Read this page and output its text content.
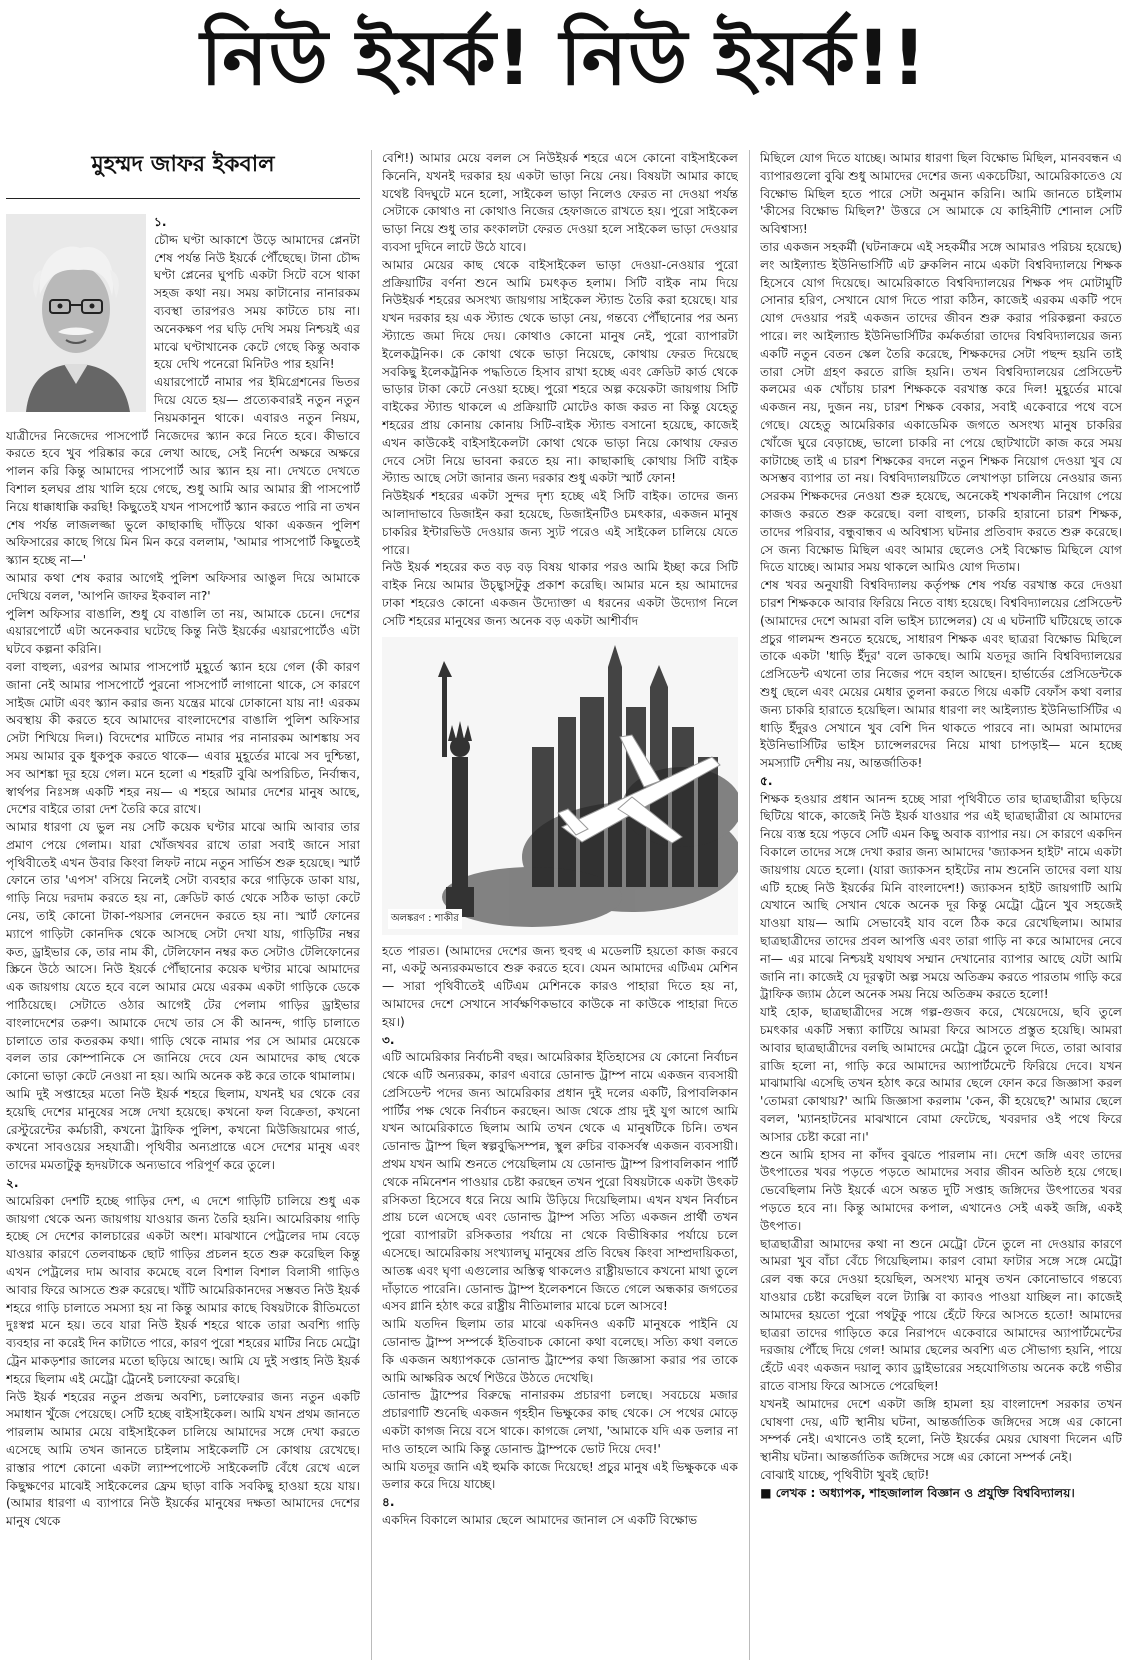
নিউ ইয়র্ক! নিউ ইয়র্ক!!
মুহম্মদ জাফর ইকবাল

১.

চৌদ্দ ঘণ্টা আকাশে উড়ে আমাদের প্লেনটা শেষ পর্যন্ত নিউ ইয়র্কে পৌঁছেছে। টানা চৌদ্দ ঘণ্টা প্লেনের ঘুপচি একটা সিটে বসে থাকা সহজ কথা নয়। সময় কাটানোর নানারকম ব্যবস্থা তারপরও সময় কাটতে চায় না। অনেকক্ষণ পর ঘড়ি দেখি সময় নিশ্চয়ই এর মাঝে ঘণ্টাখানেক কেটে গেছে কিন্তু অবাক হয়ে দেখি পনেরো মিনিটও পার হয়নি!

এয়ারপোর্টে নামার পর ইমিগ্রেশনের ভিতর দিয়ে যেতে হয়— প্রত্যেকবারই নতুন নতুন নিয়মকানুন থাকে। এবারও নতুন নিয়ম, যাত্রীদের নিজেদের পাসপোর্ট নিজেদের স্ক্যান করে নিতে হবে। কীভাবে করতে হবে খুব পরিষ্কার করে লেখা আছে, সেই নির্দেশ অক্ষরে অক্ষরে পালন করি কিন্তু আমাদের পাসপোর্ট আর স্ক্যান হয় না। দেখতে দেখতে বিশাল হলঘর প্রায় খালি হয়ে গেছে, শুধু আমি আর আমার স্ত্রী পাসপোর্ট নিয়ে ধাক্কাধাক্কি করছি! কিছুতেই যখন পাসপোর্ট স্ক্যান করতে পারি না তখন শেষ পর্যন্ত লাজলজ্জা ভুলে কাছাকাছি দাঁড়িয়ে থাকা একজন পুলিশ অফিসারের কাছে গিয়ে মিন মিন করে বললাম, 'আমার পাসপোর্ট কিছুতেই স্ক্যান হচ্ছে না—'

আমার কথা শেষ করার আগেই পুলিশ অফিসার আঙুল দিয়ে আমাকে দেখিয়ে বলল, 'আপনি জাফর ইকবাল না?'

পুলিশ অফিসার বাঙালি, শুধু যে বাঙালি তা নয়, আমাকে চেনে। দেশের এয়ারপোর্টে এটা অনেকবার ঘটেছে কিন্তু নিউ ইয়র্কের এয়ারপোর্টেও এটা ঘটবে কল্পনা করিনি।

বলা বাহুল্য, এরপর আমার পাসপোর্ট মুহূর্তে স্ক্যান হয়ে গেল (কী কারণ জানা নেই আমার পাসপোর্টে পুরনো পাসপোর্ট লাগানো থাকে, সে কারণে সাইজ মোটা এবং স্ক্যান করার জন্য যন্ত্রের মাঝে ঢোকানো যায় না! এরকম অবস্থায় কী করতে হবে আমাদের বাংলাদেশের বাঙালি পুলিশ অফিসার সেটা শিখিয়ে দিল।) বিদেশের মাটিতে নামার পর নানারকম আশঙ্কায় সব সময় আমার বুক ধুকপুক করতে থাকে— এবার মুহূর্তের মাঝে সব দুশ্চিন্তা, সব আশঙ্কা দূর হয়ে গেল। মনে হলো এ শহরটি বুঝি অপরিচিত, নির্বান্ধব, স্বার্থপর নিঃসঙ্গ একটি শহর নয়— এ শহরে আমার দেশের মানুষ আছে, দেশের বাইরে তারা দেশ তৈরি করে রাখে।

আমার ধারণা যে ভুল নয় সেটি কয়েক ঘণ্টার মাঝে আমি আবার তার প্রমাণ পেয়ে গেলাম। যারা খোঁজখবর রাখে তারা সবাই জানে সারা পৃথিবীতেই এখন উবার কিংবা লিফট নামে নতুন সার্ভিস শুরু হয়েছে। স্মার্ট ফোনে তার 'এপস' বসিয়ে নিলেই সেটা ব্যবহার করে গাড়িকে ডাকা যায়, গাড়ি নিয়ে দরদাম করতে হয় না, ক্রেডিট কার্ড থেকে সঠিক ভাড়া কেটে নেয়, তাই কোনো টাকা-পয়সার লেনদেন করতে হয় না। স্মার্ট ফোনের ম্যাপে গাড়িটা কোনদিক থেকে আসছে সেটা দেখা যায়, গাড়িটির নম্বর কত, ড্রাইভার কে, তার নাম কী, টেলিফোন নম্বর কত সেটাও টেলিফোনের স্ক্রিনে উঠে আসে। নিউ ইয়র্কে পৌঁছানোর কয়েক ঘণ্টার মাঝে আমাদের এক জায়গায় যেতে হবে বলে আমার মেয়ে এরকম একটা গাড়িকে ডেকে পাঠিয়েছে। সেটাতে ওঠার আগেই টের পেলাম গাড়ির ড্রাইভার বাংলাদেশের তরুণ। আমাকে দেখে তার সে কী আনন্দ, গাড়ি চালাতে চালাতে তার কতরকম কথা। গাড়ি থেকে নামার পর সে আমার মেয়েকে বলল তার কোম্পানিকে সে জানিয়ে দেবে যেন আমাদের কাছ থেকে কোনো ভাড়া কেটে নেওয়া না হয়। আমি অনেক কষ্ট করে তাকে থামালাম।

আমি দুই সপ্তাহের মতো নিউ ইয়র্ক শহরে ছিলাম, যখনই ঘর থেকে বের হয়েছি দেশের মানুষের সঙ্গে দেখা হয়েছে। কখনো ফল বিক্রেতা, কখনো রেস্টুরেন্টের কর্মচারী, কখনো ট্রাফিক পুলিশ, কখনো মিউজিয়ামের গার্ড, কখনো সাবওয়ের সহযাত্রী। পৃথিবীর অন্যপ্রান্তে এসে দেশের মানুষ এবং তাদের মমতাটুকু হৃদয়টাকে অন্যভাবে পরিপূর্ণ করে তুলে।

২.

আমেরিকা দেশটি হচ্ছে গাড়ির দেশ, এ দেশে গাড়িটি চালিয়ে শুধু এক জায়গা থেকে অন্য জায়গায় যাওয়ার জন্য তৈরি হয়নি। আমেরিকায় গাড়ি হচ্ছে সে দেশের কালচারের একটা অংশ। মাঝখানে পেট্রলের দাম বেড়ে যাওয়ার কারণে তেলবাচ্চক ছোট গাড়ির প্রচলন হতে শুরু করেছিল কিন্তু এখন পেট্রলের দাম আবার কমেছে বলে বিশাল বিশাল বিলাসী গাড়িও আবার ফিরে আসতে শুরু করেছে। খাঁটি আমেরিকানদের সম্ভবত নিউ ইয়র্ক শহরে গাড়ি চালাতে সমস্যা হয় না কিন্তু আমার কাছে বিষয়টাকে রীতিমতো দুঃস্বপ্ন মনে হয়। তবে যারা নিউ ইয়র্ক শহরে থাকে তারা অবশ্যি গাড়ি ব্যবহার না করেই দিন কাটাতে পারে, কারণ পুরো শহরের মাটির নিচে মেট্রো ট্রেন মাকড়শার জালের মতো ছড়িয়ে আছে। আমি যে দুই সপ্তাহ নিউ ইয়র্ক শহরে ছিলাম এই মেট্রো ট্রেনেই চলাফেরা করেছি।

নিউ ইয়র্ক শহরের নতুন প্রজন্ম অবশ্যি, চলাফেরার জন্য নতুন একটি সমাধান খুঁজে পেয়েছে। সেটি হচ্ছে বাইসাইকেল। আমি যখন প্রথম জানতে পারলাম আমার মেয়ে বাইসাইকেল চালিয়ে আমাদের সঙ্গে দেখা করতে এসেছে আমি তখন জানতে চাইলাম সাইকেলটি সে কোথায় রেখেছে। রাস্তার পাশে কোনো একটা ল্যাম্পপোস্টে সাইকেলটি বেঁধে রেখে এলে কিছুক্ষণের মাঝেই সাইকেলের ফ্রেম ছাড়া বাকি সবকিছু হাওয়া হয়ে যায়। (আমার ধারণা এ ব্যাপারে নিউ ইয়র্কের মানুষের দক্ষতা আমাদের দেশের মানুষ থেকে

বেশি!) আমার মেয়ে বলল সে নিউইয়র্ক শহরে এসে কোনো বাইসাইকেল কিনেনি, যখনই দরকার হয় একটা ভাড়া নিয়ে নেয়। বিষয়টা আমার কাছে যথেষ্ট বিদঘুটে মনে হলো, সাইকেল ভাড়া নিলেও ফেরত না দেওয়া পর্যন্ত সেটাকে কোথাও না কোথাও নিজের হেফাজতে রাখতে হয়। পুরো সাইকেল ভাড়া নিয়ে শুধু তার কংকালটা ফেরত দেওয়া হলে সাইকেল ভাড়া দেওয়ার ব্যবসা দুদিনে লাটে উঠে যাবে।

আমার মেয়ের কাছ থেকে বাইসাইকেল ভাড়া দেওয়া-নেওয়ার পুরো প্রক্রিয়াটির বর্ণনা শুনে আমি চমৎকৃত হলাম। সিটি বাইক নাম দিয়ে নিউইয়র্ক শহরের অসংখ্য জায়গায় সাইকেল স্ট্যান্ড তৈরি করা হয়েছে। যার যখন দরকার হয় এক স্ট্যান্ড থেকে ভাড়া নেয়, গন্তব্যে পৌঁছানোর পর অন্য স্ট্যান্ডে জমা দিয়ে দেয়। কোথাও কোনো মানুষ নেই, পুরো ব্যাপারটা ইলেকট্রনিক। কে কোথা থেকে ভাড়া নিয়েছে, কোথায় ফেরত দিয়েছে সবকিছু ইলেকট্রনিক পদ্ধতিতে হিসাব রাখা হচ্ছে এবং ক্রেডিট কার্ড থেকে ভাড়ার টাকা কেটে নেওয়া হচ্ছে। পুরো শহরে অল্প কয়েকটা জায়গায় সিটি বাইকের স্ট্যান্ড থাকলে এ প্রক্রিয়াটি মোটেও কাজ করত না কিন্তু যেহেতু শহরের প্রায় কোনায় কোনায় সিটি-বাইক স্ট্যান্ড বসানো হয়েছে, কাজেই এখন কাউকেই বাইসাইকেলটা কোথা থেকে ভাড়া নিয়ে কোথায় ফেরত দেবে সেটা নিয়ে ভাবনা করতে হয় না। কাছাকাছি কোথায় সিটি বাইক স্ট্যান্ড আছে সেটা জানার জন্য দরকার শুধু একটা স্মার্ট ফোন!

নিউইয়র্ক শহরের একটা সুন্দর দৃশ্য হচ্ছে এই সিটি বাইক। তাদের জন্য আলাদাভাবে ডিজাইন করা হয়েছে, ডিজাইনটিও চমৎকার, একজন মানুষ চাকরির ইন্টারভিউ দেওয়ার জন্য স্যুট পরেও এই সাইকেল চালিয়ে যেতে পারে।

নিউ ইয়র্ক শহরের কত বড় বড় বিষয় থাকার পরও আমি ইচ্ছা করে সিটি বাইক নিয়ে আমার উচ্ছ্বাসটুকু প্রকাশ করেছি। আমার মনে হয় আমাদের ঢাকা শহরেও কোনো একজন উদ্যোক্তা এ ধরনের একটা উদ্যোগ নিলে সেটি শহরের মানুষের জন্য অনেক বড় একটা আশীর্বাদ

অলঙ্করণ : শাকীর

হতে পারত। (আমাদের দেশের জন্য হুবহু এ মডেলটি হয়তো কাজ করবে না, একটু অন্যরকমভাবে শুরু করতে হবে। যেমন আমাদের এটিএম মেশিন— সারা পৃথিবীতেই এটিএম মেশিনকে কারও পাহারা দিতে হয় না, আমাদের দেশে সেখানে সার্বক্ষণিকভাবে কাউকে না কাউকে পাহারা দিতে হয়।)

৩.

এটি আমেরিকার নির্বাচনী বছর। আমেরিকার ইতিহাসের যে কোনো নির্বাচন থেকে এটি অন্যরকম, কারণ এবারে ডোনাল্ড ট্রাম্প নামে একজন ব্যবসায়ী প্রেসিডেন্ট পদের জন্য আমেরিকার প্রধান দুই দলের একটি, রিপাবলিকান পার্টির পক্ষ থেকে নির্বাচন করছেন। আজ থেকে প্রায় দুই যুগ আগে আমি যখন আমেরিকাতে ছিলাম আমি তখন থেকে এ মানুষটিকে চিনি। তখন ডোনাল্ড ট্রাম্প ছিল স্বল্পবুদ্ধিসম্পন্ন, স্থুল রুচির বাকসর্বস্ব একজন ব্যবসায়ী। প্রথম যখন আমি শুনতে পেয়েছিলাম যে ডোনাল্ড ট্রাম্প রিপাবলিকান পার্টি থেকে নমিনেশন পাওয়ার চেষ্টা করছেন তখন পুরো বিষয়টাকে একটা উৎকট রসিকতা হিসেবে ধরে নিয়ে আমি উড়িয়ে দিয়েছিলাম। এখন যখন নির্বাচন প্রায় চলে এসেছে এবং ডোনাল্ড ট্রাম্প সত্যি সত্যি একজন প্রার্থী তখন পুরো ব্যাপারটা রসিকতার পর্যায়ে না থেকে বিভীষিকার পর্যায়ে চলে এসেছে। আমেরিকায় সংখ্যালঘু মানুষের প্রতি বিদ্বেষ কিংবা সাম্প্রদায়িকতা, আতঙ্ক এবং ঘৃণা এগুলোর অস্তিত্ব থাকলেও রাষ্ট্রীয়ভাবে কখনো মাথা তুলে দাঁড়াতে পারেনি। ডোনাল্ড ট্রাম্প ইলেকশনে জিতে গেলে অন্ধকার জগতের এসব গ্লানি হঠাৎ করে রাষ্ট্রীয় নীতিমালার মাঝে চলে আসবে!

আমি যতদিন ছিলাম তার মাঝে একদিনও একটি মানুষকে পাইনি যে ডোনাল্ড ট্রাম্প সম্পর্কে ইতিবাচক কোনো কথা বলেছে। সত্যি কথা বলতে কি একজন অধ্যাপককে ডোনাল্ড ট্রাম্পের কথা জিজ্ঞাসা করার পর তাকে আমি আক্ষরিক অর্থে শিউরে উঠতে দেখেছি।

ডোনাল্ড ট্রাম্পের বিরুদ্ধে নানারকম প্রচারণা চলছে। সবচেয়ে মজার প্রচারণাটি শুনেছি একজন গৃহহীন ভিক্ষুকের কাছ থেকে। সে পথের মোড়ে একটা কাগজ নিয়ে বসে থাকে। কাগজে লেখা, 'আমাকে যদি এক ডলার না দাও তাহলে আমি কিন্তু ডোনাল্ড ট্রাম্পকে ভোট দিয়ে দেব!'

আমি যতদূর জানি এই হুমকি কাজে দিয়েছে! প্রচুর মানুষ এই ভিক্ষুককে এক ডলার করে দিয়ে যাচ্ছে।

৪.

একদিন বিকালে আমার ছেলে আমাদের জানাল সে একটি বিক্ষোভ

মিছিলে যোগ দিতে যাচ্ছে। আমার ধারণা ছিল বিক্ষোভ মিছিল, মানববন্ধন এ ব্যাপারগুলো বুঝি শুধু আমাদের দেশের জন্য একচেটিয়া, আমেরিকাতেও যে বিক্ষোভ মিছিল হতে পারে সেটা অনুমান করিনি। আমি জানতে চাইলাম 'কীসের বিক্ষোভ মিছিল?' উত্তরে সে আমাকে যে কাহিনীটি শোনাল সেটি অবিশ্বাস্য!

তার একজন সহকর্মী (ঘটনাক্রমে এই সহকর্মীর সঙ্গে আমারও পরিচয় হয়েছে) লং আইল্যান্ড ইউনিভার্সিটি এট ব্রুকলিন নামে একটা বিশ্ববিদ্যালয়ে শিক্ষক হিসেবে যোগ দিয়েছে। আমেরিকাতে বিশ্ববিদ্যালয়ের শিক্ষক পদ মোটামুটি সোনার হরিণ, সেখানে যোগ দিতে পারা কঠিন, কাজেই এরকম একটি পদে যোগ দেওয়ার পরই একজন তাদের জীবন শুরু করার পরিকল্পনা করতে পারে। লং আইল্যান্ড ইউনিভার্সিটির কর্মকর্তারা তাদের বিশ্ববিদ্যালয়ের জন্য একটি নতুন বেতন স্কেল তৈরি করেছে, শিক্ষকদের সেটা পছন্দ হয়নি তাই তারা সেটা গ্রহণ করতে রাজি হয়নি। তখন বিশ্ববিদ্যালয়ের প্রেসিডেন্ট কলমের এক খোঁচায় চারশ শিক্ষককে বরখাস্ত করে দিল! মুহূর্তের মাঝে একজন নয়, দুজন নয়, চারশ শিক্ষক বেকার, সবাই একেবারে পথে বসে গেছে। যেহেতু আমেরিকার একাডেমিক জগতে অসংখ্য মানুষ চাকরির খোঁজে ঘুরে বেড়াচ্ছে, ভালো চাকরি না পেয়ে ছোটখাটো কাজ করে সময় কাটাচ্ছে তাই এ চারশ শিক্ষকের বদলে নতুন শিক্ষক নিয়োগ দেওয়া খুব যে অসম্ভব ব্যাপার তা নয়। বিশ্ববিদ্যালয়টিতে লেখাপড়া চালিয়ে নেওয়ার জন্য সেরকম শিক্ষকদের নেওয়া শুরু হয়েছে, অনেকেই শখকালীন নিয়োগ পেয়ে কাজও করতে শুরু করেছে। বলা বাহুল্য, চাকরি হারানো চারশ শিক্ষক, তাদের পরিবার, বন্ধুবান্ধব এ অবিশ্বাস্য ঘটনার প্রতিবাদ করতে শুরু করেছে। সে জন্য বিক্ষোভ মিছিল এবং আমার ছেলেও সেই বিক্ষোভ মিছিলে যোগ দিতে যাচ্ছে। আমার সময় থাকলে আমিও যোগ দিতাম।

শেষ খবর অনুযায়ী বিশ্ববিদ্যালয় কর্তৃপক্ষ শেষ পর্যন্ত বরখাস্ত করে দেওয়া চারশ শিক্ষককে আবার ফিরিয়ে নিতে বাধ্য হয়েছে। বিশ্ববিদ্যালয়ের প্রেসিডেন্ট (আমাদের দেশে আমরা বলি ভাইস চ্যান্সেলর) যে এ ঘটনাটি ঘটিয়েছে তাকে প্রচুর গালমন্দ শুনতে হয়েছে, সাধারণ শিক্ষক এবং ছাত্ররা বিক্ষোভ মিছিলে তাকে একটা 'ধাড়ি ইঁদুর' বলে ডাকছে। আমি যতদূর জানি বিশ্ববিদ্যালয়ের প্রেসিডেন্ট এখনো তার নিজের পদে বহাল আছেন। হার্ভার্ডের প্রেসিডেন্টকে শুধু ছেলে এবং মেয়ের মেধার তুলনা করতে গিয়ে একটি বেফাঁস কথা বলার জন্য চাকরি হারাতে হয়েছিল। আমার ধারণা লং আইল্যান্ড ইউনিভার্সিটির এ ধাড়ি ইঁদুরও সেখানে খুব বেশি দিন থাকতে পারবে না। আমরা আমাদের ইউনিভার্সিটির ভাইস চ্যান্সেলরদের নিয়ে মাথা চাপড়াই— মনে হচ্ছে সমস্যাটি দেশীয় নয়, আন্তর্জাতিক!

৫.

শিক্ষক হওয়ার প্রধান আনন্দ হচ্ছে সারা পৃথিবীতে তার ছাত্রছাত্রীরা ছড়িয়ে ছিটিয়ে থাকে, কাজেই নিউ ইয়র্ক যাওয়ার পর এই ছাত্রছাত্রীরা যে আমাদের নিয়ে ব্যস্ত হয়ে পড়বে সেটি এমন কিছু অবাক ব্যাপার নয়। সে কারণে একদিন বিকালে তাদের সঙ্গে দেখা করার জন্য আমাদের 'জ্যাকসন হাইট' নামে একটা জায়গায় যেতে হলো। (যারা জ্যাকসন হাইটের নাম শুনেনি তাদের বলা যায় এটি হচ্ছে নিউ ইয়র্কের মিনি বাংলাদেশ!) জ্যাকসন হাইট জায়গাটি আমি যেখানে আছি সেখান থেকে অনেক দূর কিন্তু মেট্রো ট্রেনে খুব সহজেই যাওয়া যায়— আমি সেভাবেই যাব বলে ঠিক করে রেখেছিলাম। আমার ছাত্রছাত্রীদের তাদের প্রবল আপত্তি এবং তারা গাড়ি না করে আমাদের নেবে না— এর মাঝে নিশ্চয়ই যথাযথ সম্মান দেখানোর ব্যাপার আছে যেটা আমি জানি না। কাজেই যে দূরত্বটা অল্প সময়ে অতিক্রম করতে পারতাম গাড়ি করে ট্রাফিক জ্যাম ঠেলে অনেক সময় নিয়ে অতিক্রম করতে হলো!

যাই হোক, ছাত্রছাত্রীদের সঙ্গে গল্প-গুজব করে, খেয়েদেয়ে, ছবি তুলে চমৎকার একটি সন্ধ্যা কাটিয়ে আমরা ফিরে আসতে প্রস্তুত হয়েছি। আমরা আবার ছাত্রছাত্রীদের বলছি আমাদের মেট্রো ট্রেনে তুলে দিতে, তারা আবার রাজি হলো না, গাড়ি করে আমাদের অ্যাপার্টমেন্টে ফিরিয়ে দেবে। যখন মাঝামাঝি এসেছি তখন হঠাৎ করে আমার ছেলে ফোন করে জিজ্ঞাসা করল 'তোমরা কোথায়?' আমি জিজ্ঞাসা করলাম 'কেন, কী হয়েছে?' আমার ছেলে বলল, 'ম্যানহাটনের মাঝখানে বোমা ফেটেছে, খবরদার ওই পথে ফিরে আসার চেষ্টা করো না।'

শুনে আমি হাসব না কাঁদব বুঝতে পারলাম না। দেশে জঙ্গি এবং তাদের উৎপাতের খবর পড়তে পড়তে আমাদের সবার জীবন অতিষ্ঠ হয়ে গেছে। ভেবেছিলাম নিউ ইয়র্কে এসে অন্তত দুটি সপ্তাহ জঙ্গিদের উৎপাতের খবর পড়তে হবে না। কিন্তু আমাদের কপাল, এখানেও সেই একই জঙ্গি, একই উৎপাত।

ছাত্রছাত্রীরা আমাদের কথা না শুনে মেট্রো টেনে তুলে না দেওয়ার কারণে আমরা খুব বাঁচা বেঁচে গিয়েছিলাম। কারণ বোমা ফাটার সঙ্গে সঙ্গে মেট্রো রেল বন্ধ করে দেওয়া হয়েছিল, অসংখ্য মানুষ তখন কোনোভাবে গন্তব্যে যাওয়ার চেষ্টা করেছিল বলে ট্যাক্সি বা ক্যাবও পাওয়া যাচ্ছিল না। কাজেই আমাদের হয়তো পুরো পথটুকু পায়ে হেঁটে ফিরে আসতে হতো! আমাদের ছাত্ররা তাদের গাড়িতে করে নিরাপদে একেবারে আমাদের অ্যাপার্টমেন্টের দরজায় পৌঁছে দিয়ে গেল! আমার ছেলের অবশ্যি এত সৌভাগ্য হয়নি, পায়ে হেঁটে এবং একজন দয়ালু ক্যাব ড্রাইভারের সহযোগিতায় অনেক কষ্টে গভীর রাতে বাসায় ফিরে আসতে পেরেছিল!

যখনই আমাদের দেশে একটা জঙ্গি হামলা হয় বাংলাদেশ সরকার তখন ঘোষণা দেয়, এটি স্থানীয় ঘটনা, আন্তর্জাতিক জঙ্গিদের সঙ্গে এর কোনো সম্পর্ক নেই। এখানেও তাই হলো, নিউ ইয়র্কের মেয়র ঘোষণা দিলেন এটি স্থানীয় ঘটনা। আন্তর্জাতিক জঙ্গিদের সঙ্গে এর কোনো সম্পর্ক নেই।

বোঝাই যাচ্ছে, পৃথিবীটা খুবই ছোট!

■ লেখক : অধ্যাপক, শাহজালাল বিজ্ঞান ও প্রযুক্তি বিশ্ববিদ্যালয়।
